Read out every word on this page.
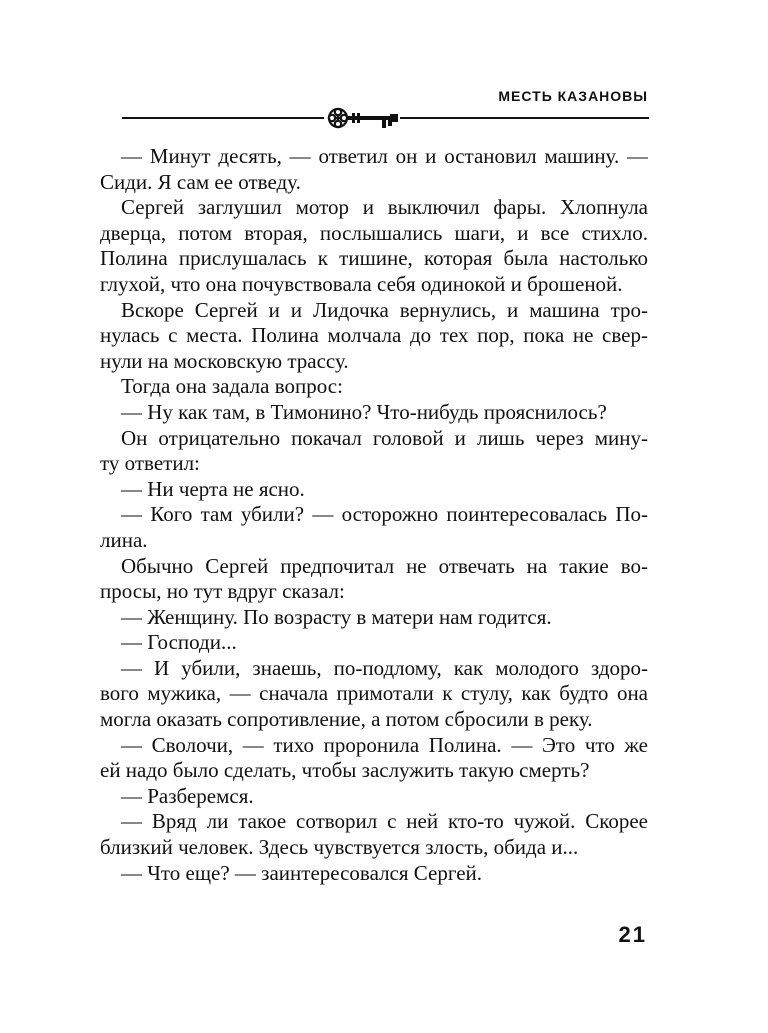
МЕСТЬ КАЗАНОВЫ
— Минут десять, — ответил он и остановил машину. —
Сиди. Я сам ее отведу.
Сергей заглушил мотор и выключил фары. Хлопнула
дверца, потом вторая, послышались шаги, и все стихло.
Полина прислушалась к тишине, которая была настолько
глухой, что она почувствовала себя одинокой и брошеной.
Вскоре Сергей и и Лидочка вернулись, и машина тро-
нулась с места. Полина молчала до тех пор, пока не свер-
нули на московскую трассу.
Тогда она задала вопрос:
— Ну как там, в Тимонино? Что-нибудь прояснилось?
Он отрицательно покачал головой и лишь через мину-
ту ответил:
— Ни черта не ясно.
— Кого там убили? — осторожно поинтересовалась По-
лина.
Обычно Сергей предпочитал не отвечать на такие во-
просы, но тут вдруг сказал:
— Женщину. По возрасту в матери нам годится.
— Господи...
— И убили, знаешь, по-подлому, как молодого здоро-
вого мужика, — сначала примотали к стулу, как будто она
могла оказать сопротивление, а потом сбросили в реку.
— Сволочи, — тихо проронила Полина. — Это что же
ей надо было сделать, чтобы заслужить такую смерть?
— Разберемся.
— Вряд ли такое сотворил с ней кто-то чужой. Скорее
близкий человек. Здесь чувствуется злость, обида и...
— Что еще? — заинтересовался Сергей.
21
